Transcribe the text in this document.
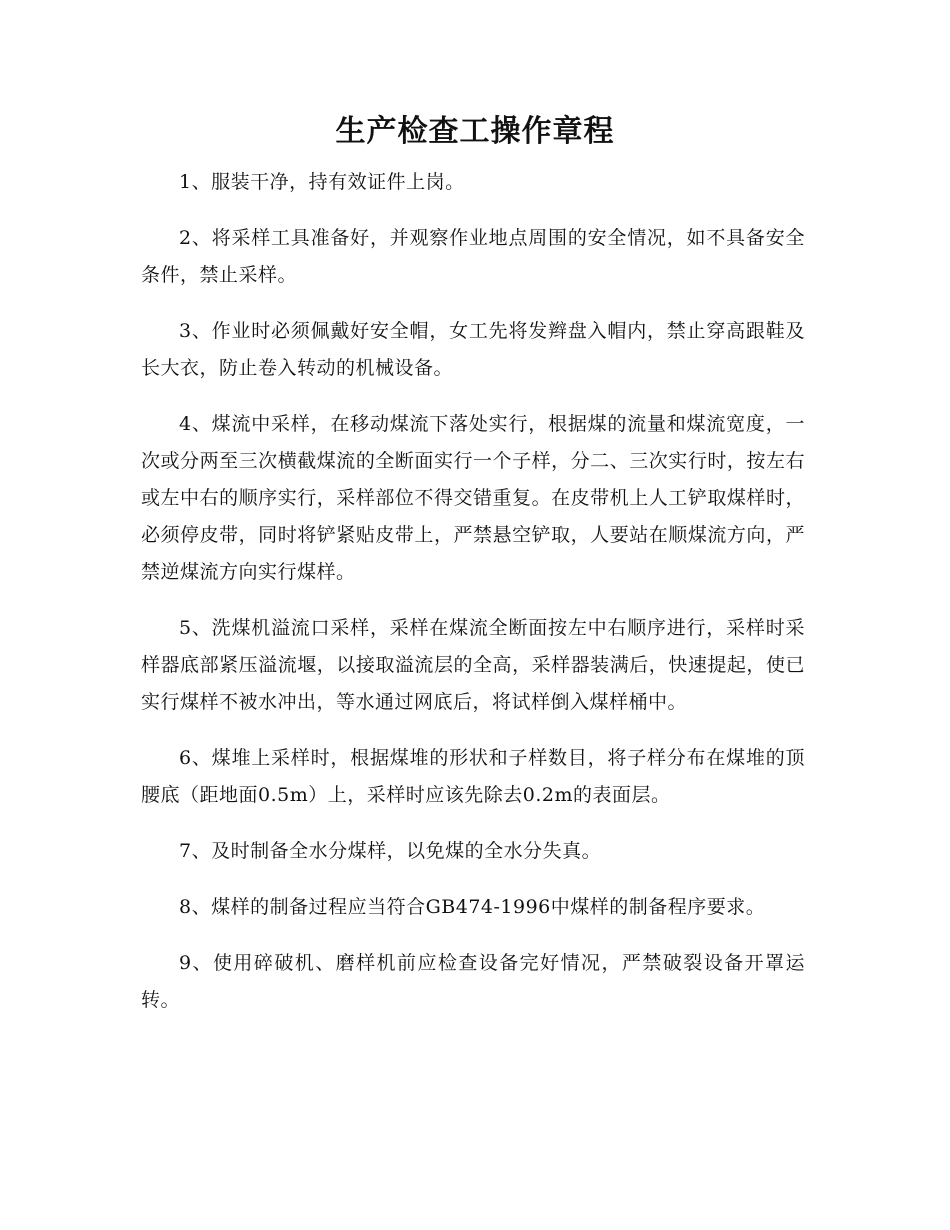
生产检查工操作章程

1、服装干净，持有效证件上岗。

2、将采样工具准备好，并观察作业地点周围的安全情况，如不具备安全条件，禁止采样。

3、作业时必须佩戴好安全帽，女工先将发辫盘入帽内，禁止穿高跟鞋及长大衣，防止卷入转动的机械设备。

4、煤流中采样，在移动煤流下落处实行，根据煤的流量和煤流宽度，一次或分两至三次横截煤流的全断面实行一个子样，分二、三次实行时，按左右或左中右的顺序实行，采样部位不得交错重复。在皮带机上人工铲取煤样时，必须停皮带，同时将铲紧贴皮带上，严禁悬空铲取，人要站在顺煤流方向，严禁逆煤流方向实行煤样。

5、洗煤机溢流口采样，采样在煤流全断面按左中右顺序进行，采样时采样器底部紧压溢流堰，以接取溢流层的全高，采样器装满后，快速提起，使已实行煤样不被水冲出，等水通过网底后，将试样倒入煤样桶中。

6、煤堆上采样时，根据煤堆的形状和子样数目，将子样分布在煤堆的顶腰底（距地面0.5m）上，采样时应该先除去0.2m的表面层。

7、及时制备全水分煤样，以免煤的全水分失真。

8、煤样的制备过程应当符合GB474-1996中煤样的制备程序要求。

9、使用碎破机、磨样机前应检查设备完好情况，严禁破裂设备开罩运转。
